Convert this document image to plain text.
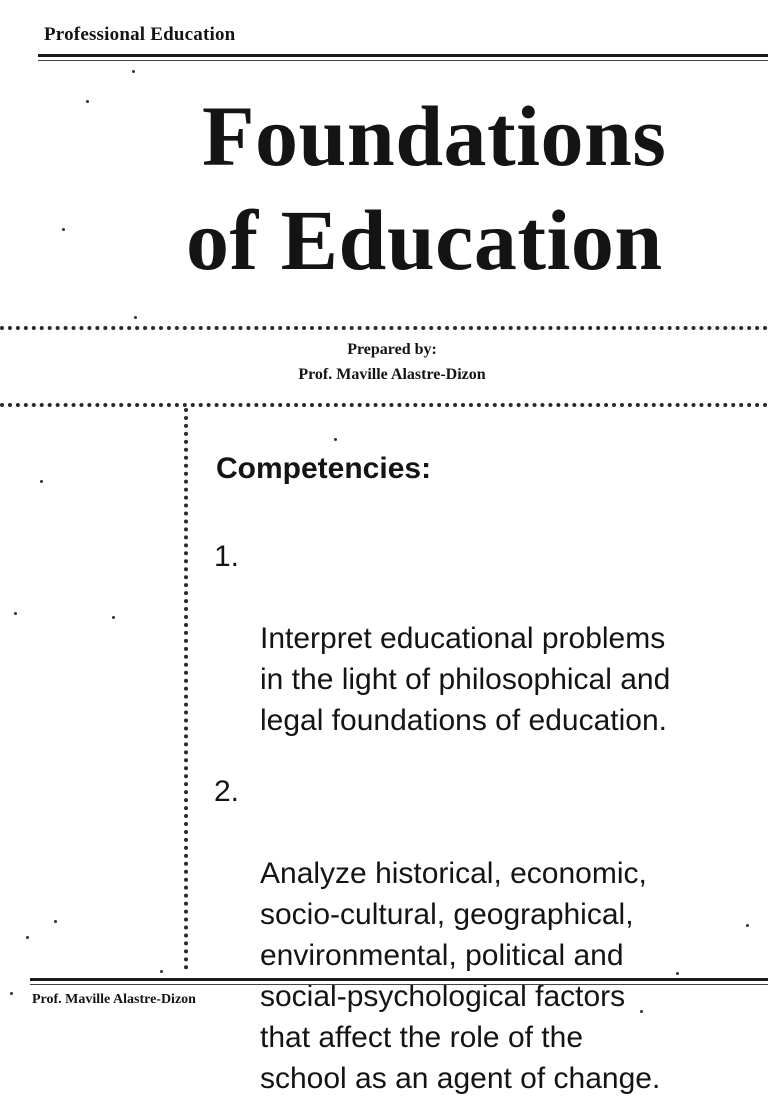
Professional Education
Foundations
of Education
Prepared by:
Prof. Maville Alastre-Dizon
Competencies:

1.

Interpret educational problems
in the light of philosophical and
legal foundations of education.

2.

Analyze historical, economic,
socio-cultural, geographical,
environmental, political and
social-psychological factors
that affect the role of the
school as an agent of change.

Prof. Maville Alastre-Dizon
